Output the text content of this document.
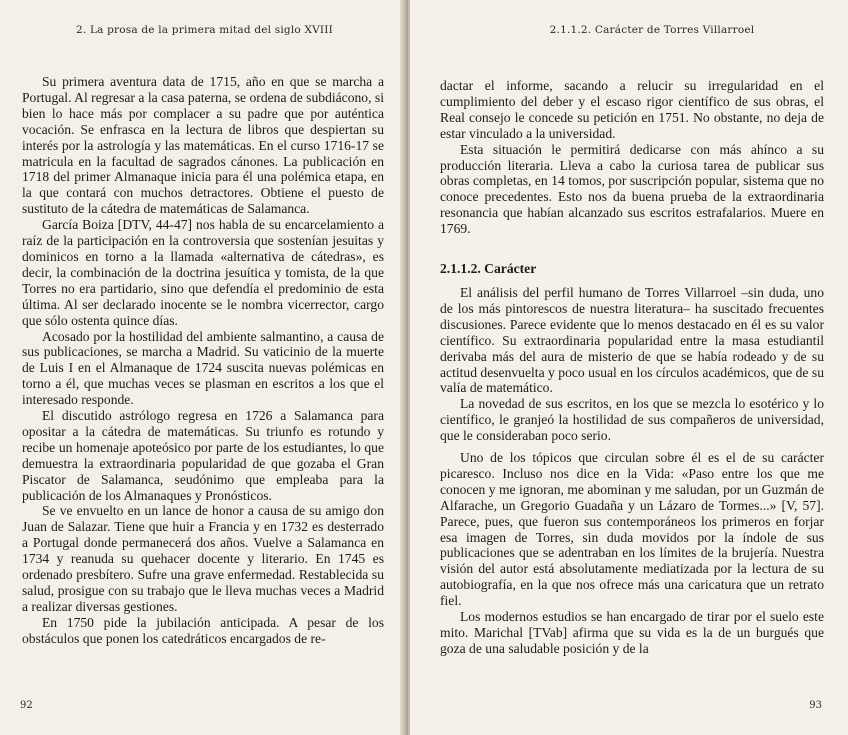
2. La prosa de la primera mitad del siglo XVIII

Su primera aventura data de 1715, año en que se marcha a Portugal. Al regresar a la casa paterna, se ordena de subdiácono, si bien lo hace más por complacer a su padre que por auténtica vocación. Se enfrasca en la lectura de libros que despiertan su interés por la astrología y las matemáticas. En el curso 1716-17 se matricula en la facultad de sagrados cánones. La publicación en 1718 del primer Almanaque inicia para él una polémica etapa, en la que contará con muchos detractores. Obtiene el puesto de sustituto de la cátedra de matemáticas de Salamanca.

García Boiza [DTV, 44-47] nos habla de su encarcelamiento a raíz de la participación en la controversia que sostenían jesuitas y dominicos en torno a la llamada «alternativa de cátedras», es decir, la combinación de la doctrina jesuítica y tomista, de la que Torres no era partidario, sino que defendía el predominio de esta última. Al ser declarado inocente se le nombra vicerrector, cargo que sólo ostenta quince días.

Acosado por la hostilidad del ambiente salmantino, a causa de sus publicaciones, se marcha a Madrid. Su vaticinio de la muerte de Luis I en el Almanaque de 1724 suscita nuevas polémicas en torno a él, que muchas veces se plasman en escritos a los que el interesado responde.

El discutido astrólogo regresa en 1726 a Salamanca para opositar a la cátedra de matemáticas. Su triunfo es rotundo y recibe un homenaje apoteósico por parte de los estudiantes, lo que demuestra la extraordinaria popularidad de que gozaba el Gran Piscator de Salamanca, seudónimo que empleaba para la publicación de los Almanaques y Pronósticos.

Se ve envuelto en un lance de honor a causa de su amigo don Juan de Salazar. Tiene que huir a Francia y en 1732 es desterrado a Portugal donde permanecerá dos años. Vuelve a Salamanca en 1734 y reanuda su quehacer docente y literario. En 1745 es ordenado presbítero. Sufre una grave enfermedad. Restablecida su salud, prosigue con su trabajo que le lleva muchas veces a Madrid a realizar diversas gestiones.

En 1750 pide la jubilación anticipada. A pesar de los obstáculos que ponen los catedráticos encargados de re-

92
2.1.1.2. Carácter de Torres Villarroel

dactar el informe, sacando a relucir su irregularidad en el cumplimiento del deber y el escaso rigor científico de sus obras, el Real consejo le concede su petición en 1751. No obstante, no deja de estar vinculado a la universidad.

Esta situación le permitirá dedicarse con más ahínco a su producción literaria. Lleva a cabo la curiosa tarea de publicar sus obras completas, en 14 tomos, por suscripción popular, sistema que no conoce precedentes. Esto nos da buena prueba de la extraordinaria resonancia que habían alcanzado sus escritos estrafalarios. Muere en 1769.

2.1.1.2. Carácter

El análisis del perfil humano de Torres Villarroel –sin duda, uno de los más pintorescos de nuestra literatura– ha suscitado frecuentes discusiones. Parece evidente que lo menos destacado en él es su valor científico. Su extraordinaria popularidad entre la masa estudiantil derivaba más del aura de misterio de que se había rodeado y de su actitud desenvuelta y poco usual en los círculos académicos, que de su valía de matemático.

La novedad de sus escritos, en los que se mezcla lo esotérico y lo científico, le granjeó la hostilidad de sus compañeros de universidad, que le consideraban poco serio.

Uno de los tópicos que circulan sobre él es el de su carácter picaresco. Incluso nos dice en la Vida: «Paso entre los que me conocen y me ignoran, me abominan y me saludan, por un Guzmán de Alfarache, un Gregorio Guadaña y un Lázaro de Tormes...» [V, 57]. Parece, pues, que fueron sus contemporáneos los primeros en forjar esa imagen de Torres, sin duda movidos por la índole de sus publicaciones que se adentraban en los límites de la brujería. Nuestra visión del autor está absolutamente mediatizada por la lectura de su autobiografía, en la que nos ofrece más una caricatura que un retrato fiel.

Los modernos estudios se han encargado de tirar por el suelo este mito. Marichal [TVab] afirma que su vida es la de un burgués que goza de una saludable posición y de la

93
